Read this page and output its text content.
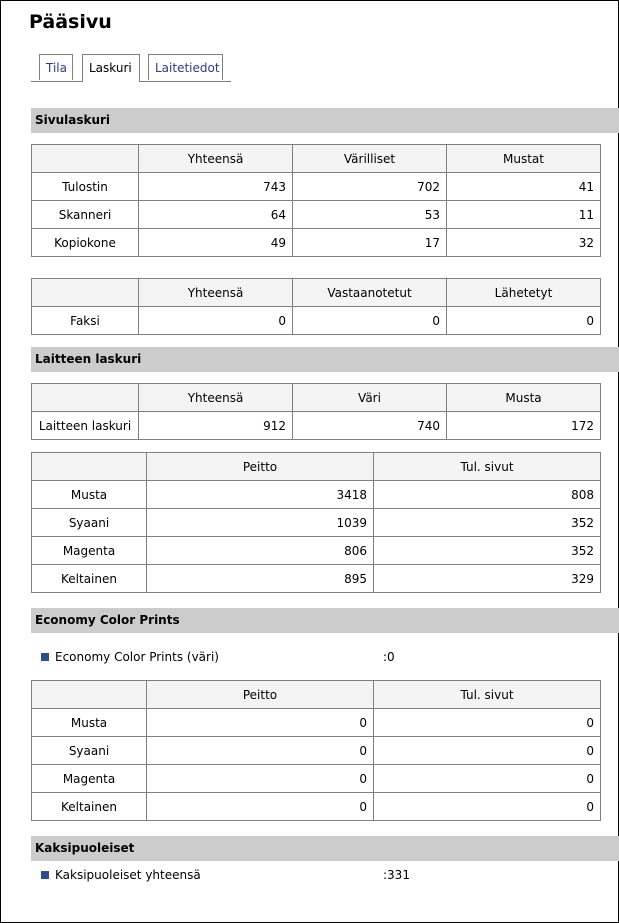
Pääsivu
Tila	Laskuri	Laitetiedot
Sivulaskuri
	Yhteensä	Värilliset	Mustat
Tulostin	743	702	41
Skanneri	64	53	11
Kopiokone	49	17	32
	Yhteensä	Vastaanotetut	Lähetetyt
Faksi	0	0	0
Laitteen laskuri
	Yhteensä	Väri	Musta
Laitteen laskuri	912	740	172
	Peitto	Tul. sivut
Musta	3418	808
Syaani	1039	352
Magenta	806	352
Keltainen	895	329
Economy Color Prints
Economy Color Prints (väri)	:0
	Peitto	Tul. sivut
Musta	0	0
Syaani	0	0
Magenta	0	0
Keltainen	0	0
Kaksipuoleiset
Kaksipuoleiset yhteensä	:331
